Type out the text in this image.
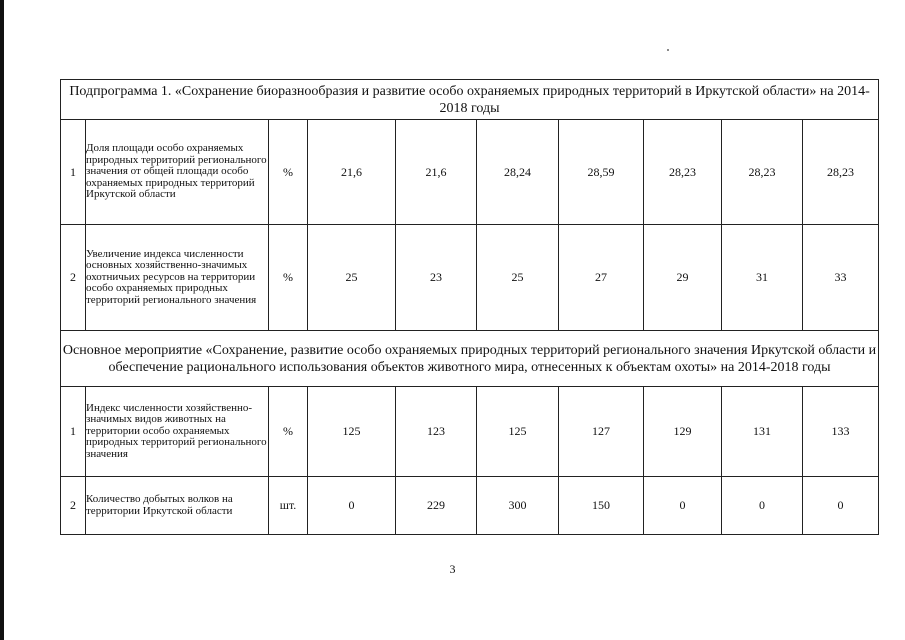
Подпрограмма 1. «Сохранение биоразнообразия и развитие особо охраняемых природных территорий в Иркутской области» на 2014-2018 годы									
1	Доля площади особо охраняемых природных территорий регионального значения от общей площади особо охраняемых природных территорий Иркутской области	%	21,6	21,6	28,24	28,59	28,23	28,23	28,23
2	Увеличение индекса численности основных хозяйственно-значимых охотничьих ресурсов на территории особо охраняемых природных территорий регионального значения	%	25	23	25	27	29	31	33
Основное мероприятие «Сохранение, развитие особо охраняемых природных территорий регионального значения Иркутской области и обеспечение рационального использования объектов животного мира, отнесенных к объектам охоты» на 2014-2018 годы									
1	Индекс численности хозяйственно-значимых видов животных на территории особо охраняемых природных территорий регионального значения	%	125	123	125	127	129	131	133
2	Количество добытых волков на территории Иркутской области	шт.	0	229	300	150	0	0	0
3
